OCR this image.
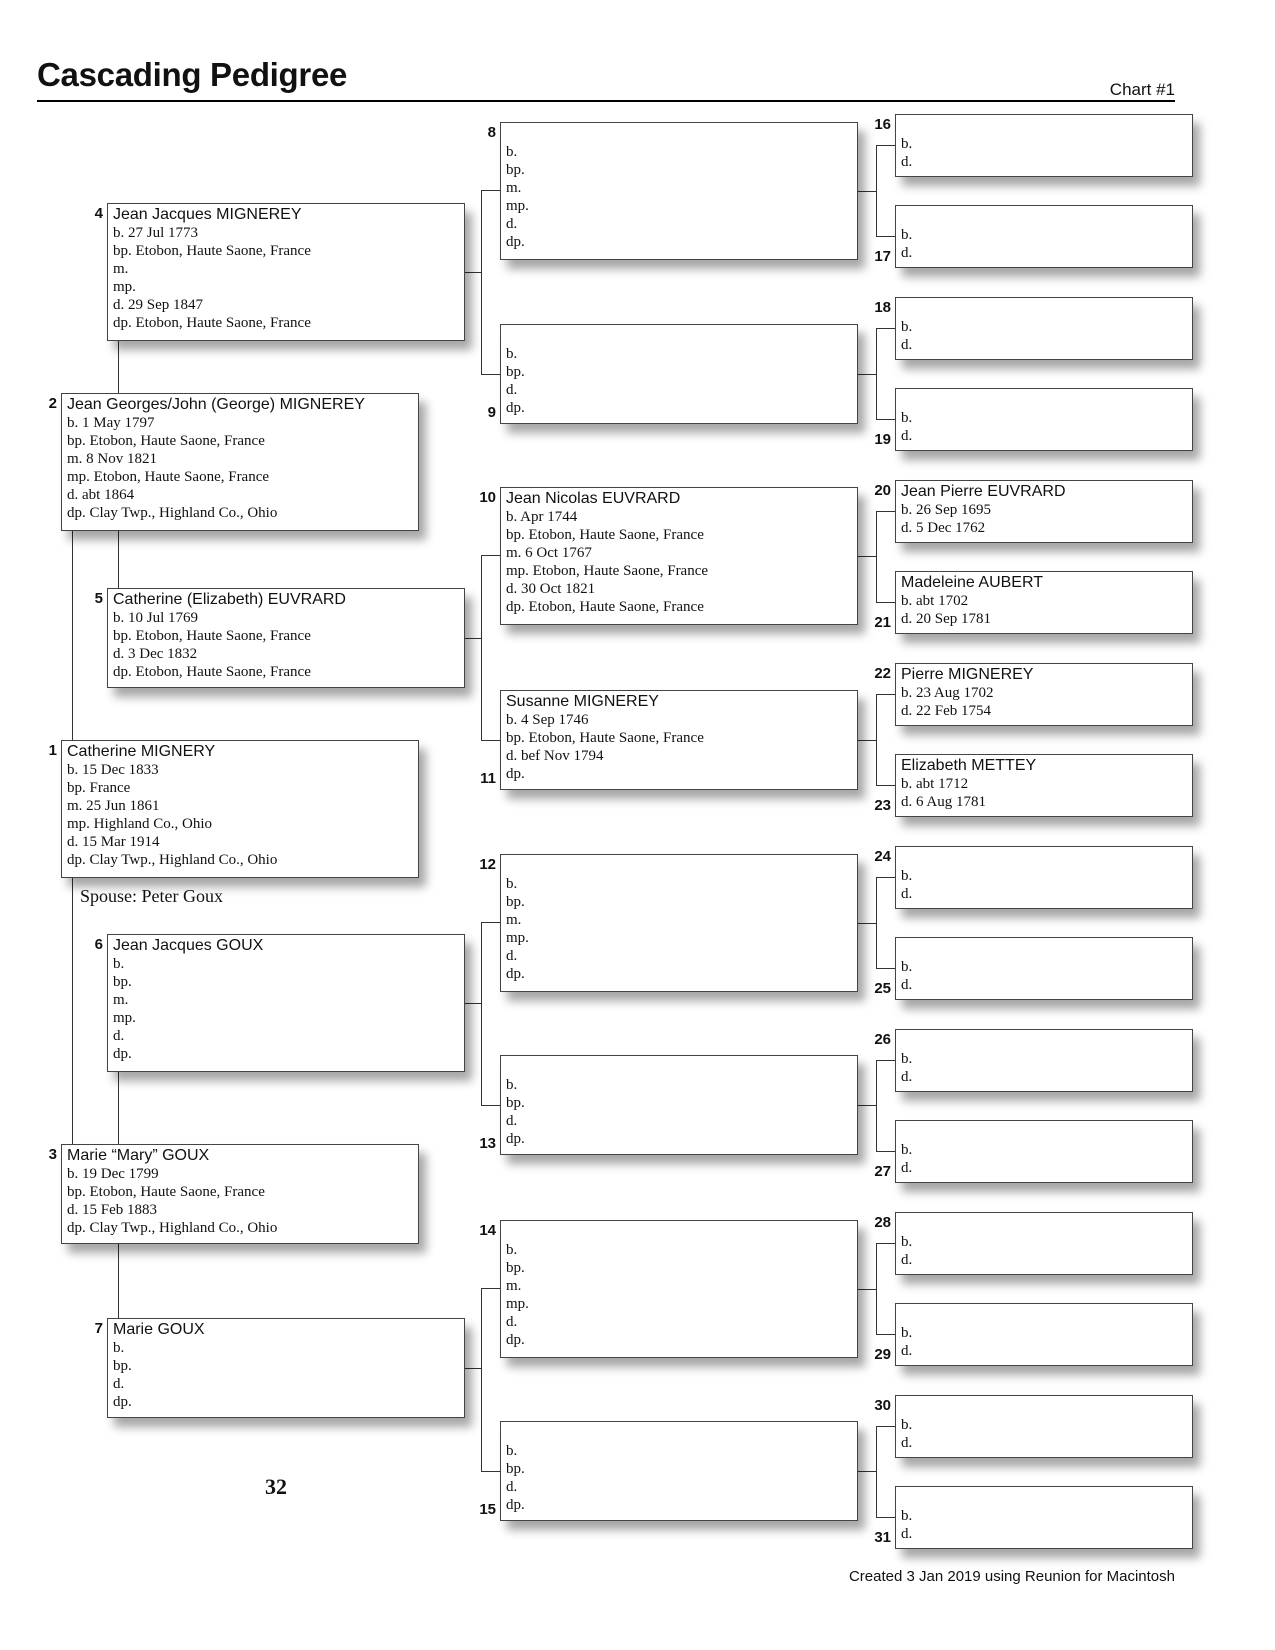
Cascading Pedigree	Chart #1
Catherine MIGNERY
b. 15 Dec 1833
bp. France
m. 25 Jun 1861
mp. Highland Co., Ohio
d. 15 Mar 1914
dp. Clay Twp., Highland Co., Ohio
1
Jean Georges/John (George) MIGNEREY
b. 1 May 1797
bp. Etobon, Haute Saone, France
m. 8 Nov 1821
mp. Etobon, Haute Saone, France
d. abt 1864
dp. Clay Twp., Highland Co., Ohio
2
Marie “Mary” GOUX
b. 19 Dec 1799
bp. Etobon, Haute Saone, France
d. 15 Feb 1883
dp. Clay Twp., Highland Co., Ohio
3
Jean Jacques MIGNEREY
b. 27 Jul 1773
bp. Etobon, Haute Saone, France
m.
mp.
d. 29 Sep 1847
dp. Etobon, Haute Saone, France
4
Catherine (Elizabeth) EUVRARD
b. 10 Jul 1769
bp. Etobon, Haute Saone, France
d. 3 Dec 1832
dp. Etobon, Haute Saone, France
5
Jean Jacques GOUX
b.
bp.
m.
mp.
d.
dp.
6
Marie GOUX
b.
bp.
d.
dp.
7
b.
bp.
m.
mp.
d.
dp.
8
b.
bp.
d.
dp.
9
Jean Nicolas EUVRARD
b. Apr 1744
bp. Etobon, Haute Saone, France
m. 6 Oct 1767
mp. Etobon, Haute Saone, France
d. 30 Oct 1821
dp. Etobon, Haute Saone, France
10
Susanne MIGNEREY
b. 4 Sep 1746
bp. Etobon, Haute Saone, France
d. bef Nov 1794
dp.
11
b.
bp.
m.
mp.
d.
dp.
12
b.
bp.
d.
dp.
13
b.
bp.
m.
mp.
d.
dp.
14
b.
bp.
d.
dp.
15
b.
d.
16
b.
d.
17
b.
d.
18
b.
d.
19
Jean Pierre EUVRARD
b. 26 Sep 1695
d. 5 Dec 1762
20
Madeleine AUBERT
b. abt 1702
d. 20 Sep 1781
21
Pierre MIGNEREY
b. 23 Aug 1702
d. 22 Feb 1754
22
Elizabeth METTEY
b. abt 1712
d. 6 Aug 1781
23
b.
d.
24
b.
d.
25
b.
d.
26
b.
d.
27
b.
d.
28
b.
d.
29
b.
d.
30
b.
d.
31
Spouse: Peter Goux
32
Created 3 Jan 2019 using Reunion for Macintosh
